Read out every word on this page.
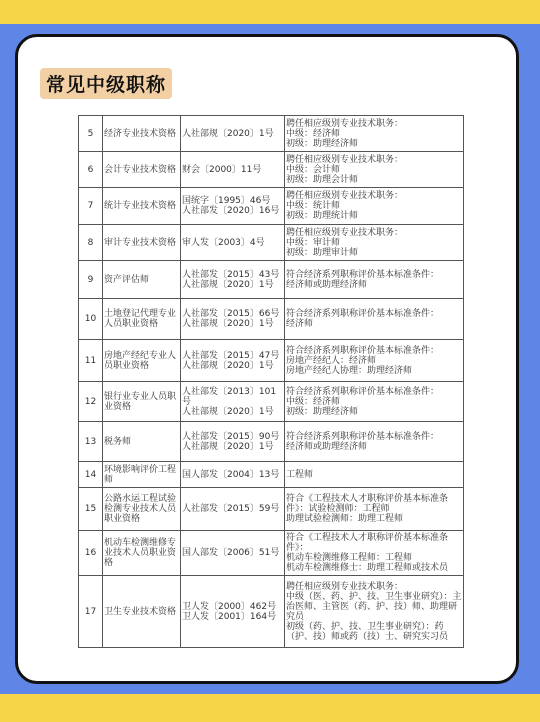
常见中级职称
5	经济专业技术资格	人社部规〔2020〕1号	聘任相应级别专业技术职务：
中级：经济师
初级：助理经济师

6	会计专业技术资格	财会〔2000〕11号	聘任相应级别专业技术职务：
中级：会计师
初级：助理会计师

7	统计专业技术资格	国统字〔1995〕46号
人社部发〔2020〕16号	聘任相应级别专业技术职务：
中级：统计师
初级：助理统计师

8	审计专业技术资格	审人发〔2003〕4号	聘任相应级别专业技术职务：
中级：审计师
初级：助理审计师

9	资产评估师	人社部发〔2015〕43号
人社部规〔2020〕1号	符合经济系列职称评价基本标准条件：
经济师或助理经济师

10	土地登记代理专业人员职业资格	人社部发〔2015〕66号
人社部规〔2020〕1号	符合经济系列职称评价基本标准条件：
经济师

11	房地产经纪专业人员职业资格	人社部发〔2015〕47号
人社部规〔2020〕1号	符合经济系列职称评价基本标准条件：
房地产经纪人：经济师
房地产经纪人协理：助理经济师

12	银行业专业人员职业资格	人社部发〔2013〕101号
人社部规〔2020〕1号	符合经济系列职称评价基本标准条件：
中级：经济师
初级：助理经济师

13	税务师	人社部发〔2015〕90号
人社部规〔2020〕1号	符合经济系列职称评价基本标准条件：
经济师或助理经济师

14	环境影响评价工程师	国人部发〔2004〕13号	工程师

15	公路水运工程试验检测专业技术人员职业资格	人社部发〔2015〕59号	符合《工程技术人才职称评价基本标准条件》：试验检测师：工程师
助理试验检测师：助理工程师

16	机动车检测维修专业技术人员职业资格	国人部发〔2006〕51号	符合《工程技术人才职称评价基本标准条件》：
机动车检测维修工程师：工程师
机动车检测维修士：助理工程师或技术员

17	卫生专业技术资格	卫人发〔2000〕462号
卫人发〔2001〕164号	聘任相应级别专业技术职务：
中级（医、药、护、技、卫生事业研究）：主治医师、主管医（药、护、技）师、助理研究员
初级（药、护、技、卫生事业研究）：药（护、技）师或药（技）士、研究实习员
